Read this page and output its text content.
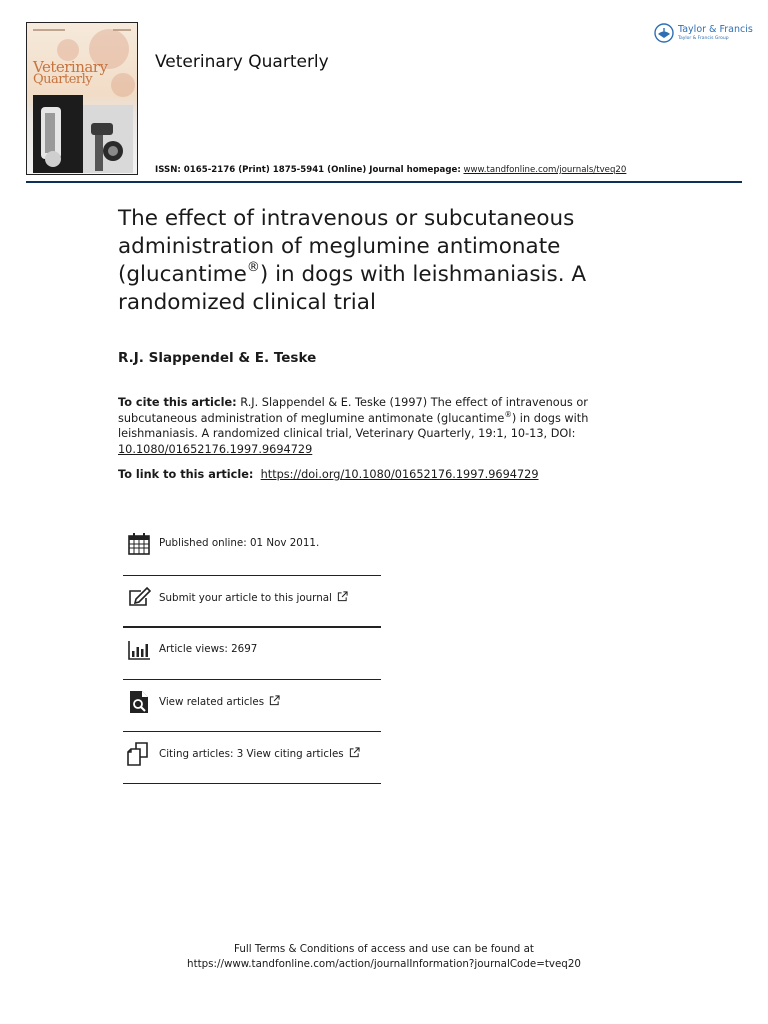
Veterinary
Quarterly
Veterinary Quarterly
ISSN: 0165-2176 (Print) 1875-5941 (Online) Journal homepage: www.tandfonline.com/journals/tveq20
Taylor & Francis
Taylor & Francis Group
The effect of intravenous or subcutaneous administration of meglumine antimonate (glucantime®) in dogs with leishmaniasis. A randomized clinical trial
R.J. Slappendel & E. Teske
To cite this article: R.J. Slappendel & E. Teske (1997) The effect of intravenous or subcutaneous administration of meglumine antimonate (glucantime®) in dogs with leishmaniasis. A randomized clinical trial, Veterinary Quarterly, 19:1, 10-13, DOI:
10.1080/01652176.1997.9694729
To link to this article: https://doi.org/10.1080/01652176.1997.9694729
Published online: 01 Nov 2011.
Submit your article to this journal
Article views: 2697
View related articles
Citing articles: 3 View citing articles
Full Terms & Conditions of access and use can be found at
https://www.tandfonline.com/action/journalInformation?journalCode=tveq20
